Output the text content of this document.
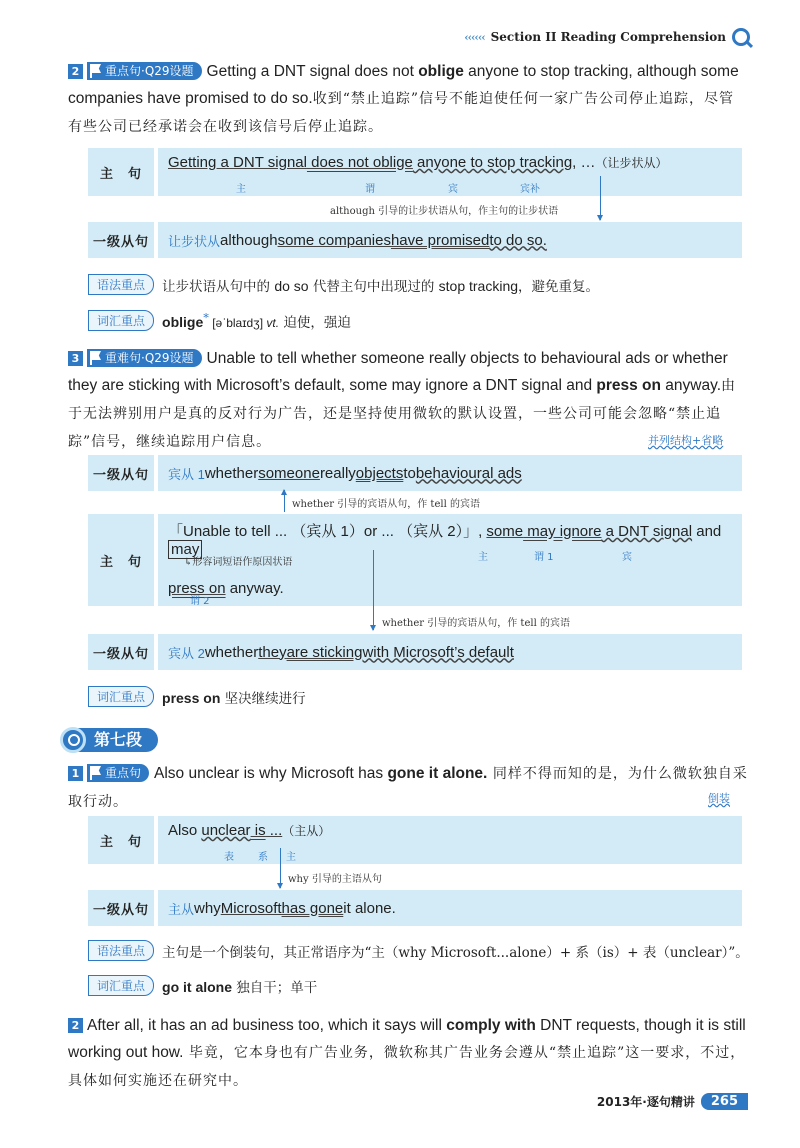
‹‹‹‹‹‹ Section II Reading Comprehension
2 重点句·Q29设题 Getting a DNT signal does not oblige anyone to stop tracking, although some companies have promised to do so.收到“禁止追踪”信号不能迫使任何一家广告公司停止追踪，尽管有些公司已经承诺会在收到该信号后停止追踪。
主　句
Getting a DNT signal does not oblige anyone to stop tracking, …（让步状从）
主	谓	宾	宾补
although 引导的让步状语从句，作主句的让步状语
一级从句	让步状从 although some companies have promised to do so.
语法重点	让步状语从句中的 do so 代替主句中出现过的 stop tracking，避免重复。
词汇重点	oblige* [əˈblaɪdʒ] vt. 迫使，强迫
3 重难句·Q29设题 Unable to tell whether someone really objects to behavioural ads or whether they are sticking with Microsoft’s default, some may ignore a DNT signal and press on anyway.由于无法辨别用户是真的反对行为广告，还是坚持使用微软的默认设置，一些公司可能会忽略“禁止追踪”信号，继续追踪用户信息。	并列结构+省略
一级从句	宾从 1 whether someone really objects to behavioural ads
whether 引导的宾语从句，作 tell 的宾语
主　句
「Unable to tell ... （宾从 1）or ... （宾从 2）」, some may ignore a DNT signal and may
press on anyway.
↳形容词短语作原因状语	主	谓 1	宾
谓 2
whether 引导的宾语从句，作 tell 的宾语
一级从句	宾从 2 whether they are sticking with Microsoft’s default
词汇重点	press on 坚决继续进行
第七段
1 重点句 Also unclear is why Microsoft has gone it alone. 同样不得而知的是，为什么微软独自采取行动。	倒装
主　句
Also unclear is ...（主从）
表 系 主
why 引导的主语从句
一级从句	主从 why Microsoft has gone it alone.
语法重点	主句是一个倒装句，其正常语序为“主（why Microsoft...alone）+ 系（is）+ 表（unclear）”。
词汇重点	go it alone 独自干；单干
2 After all, it has an ad business too, which it says will comply with DNT requests, though it is still working out how. 毕竟，它本身也有广告业务，微软称其广告业务会遵从“禁止追踪”这一要求，不过，具体如何实施还在研究中。
2013年·逐句精讲	265
